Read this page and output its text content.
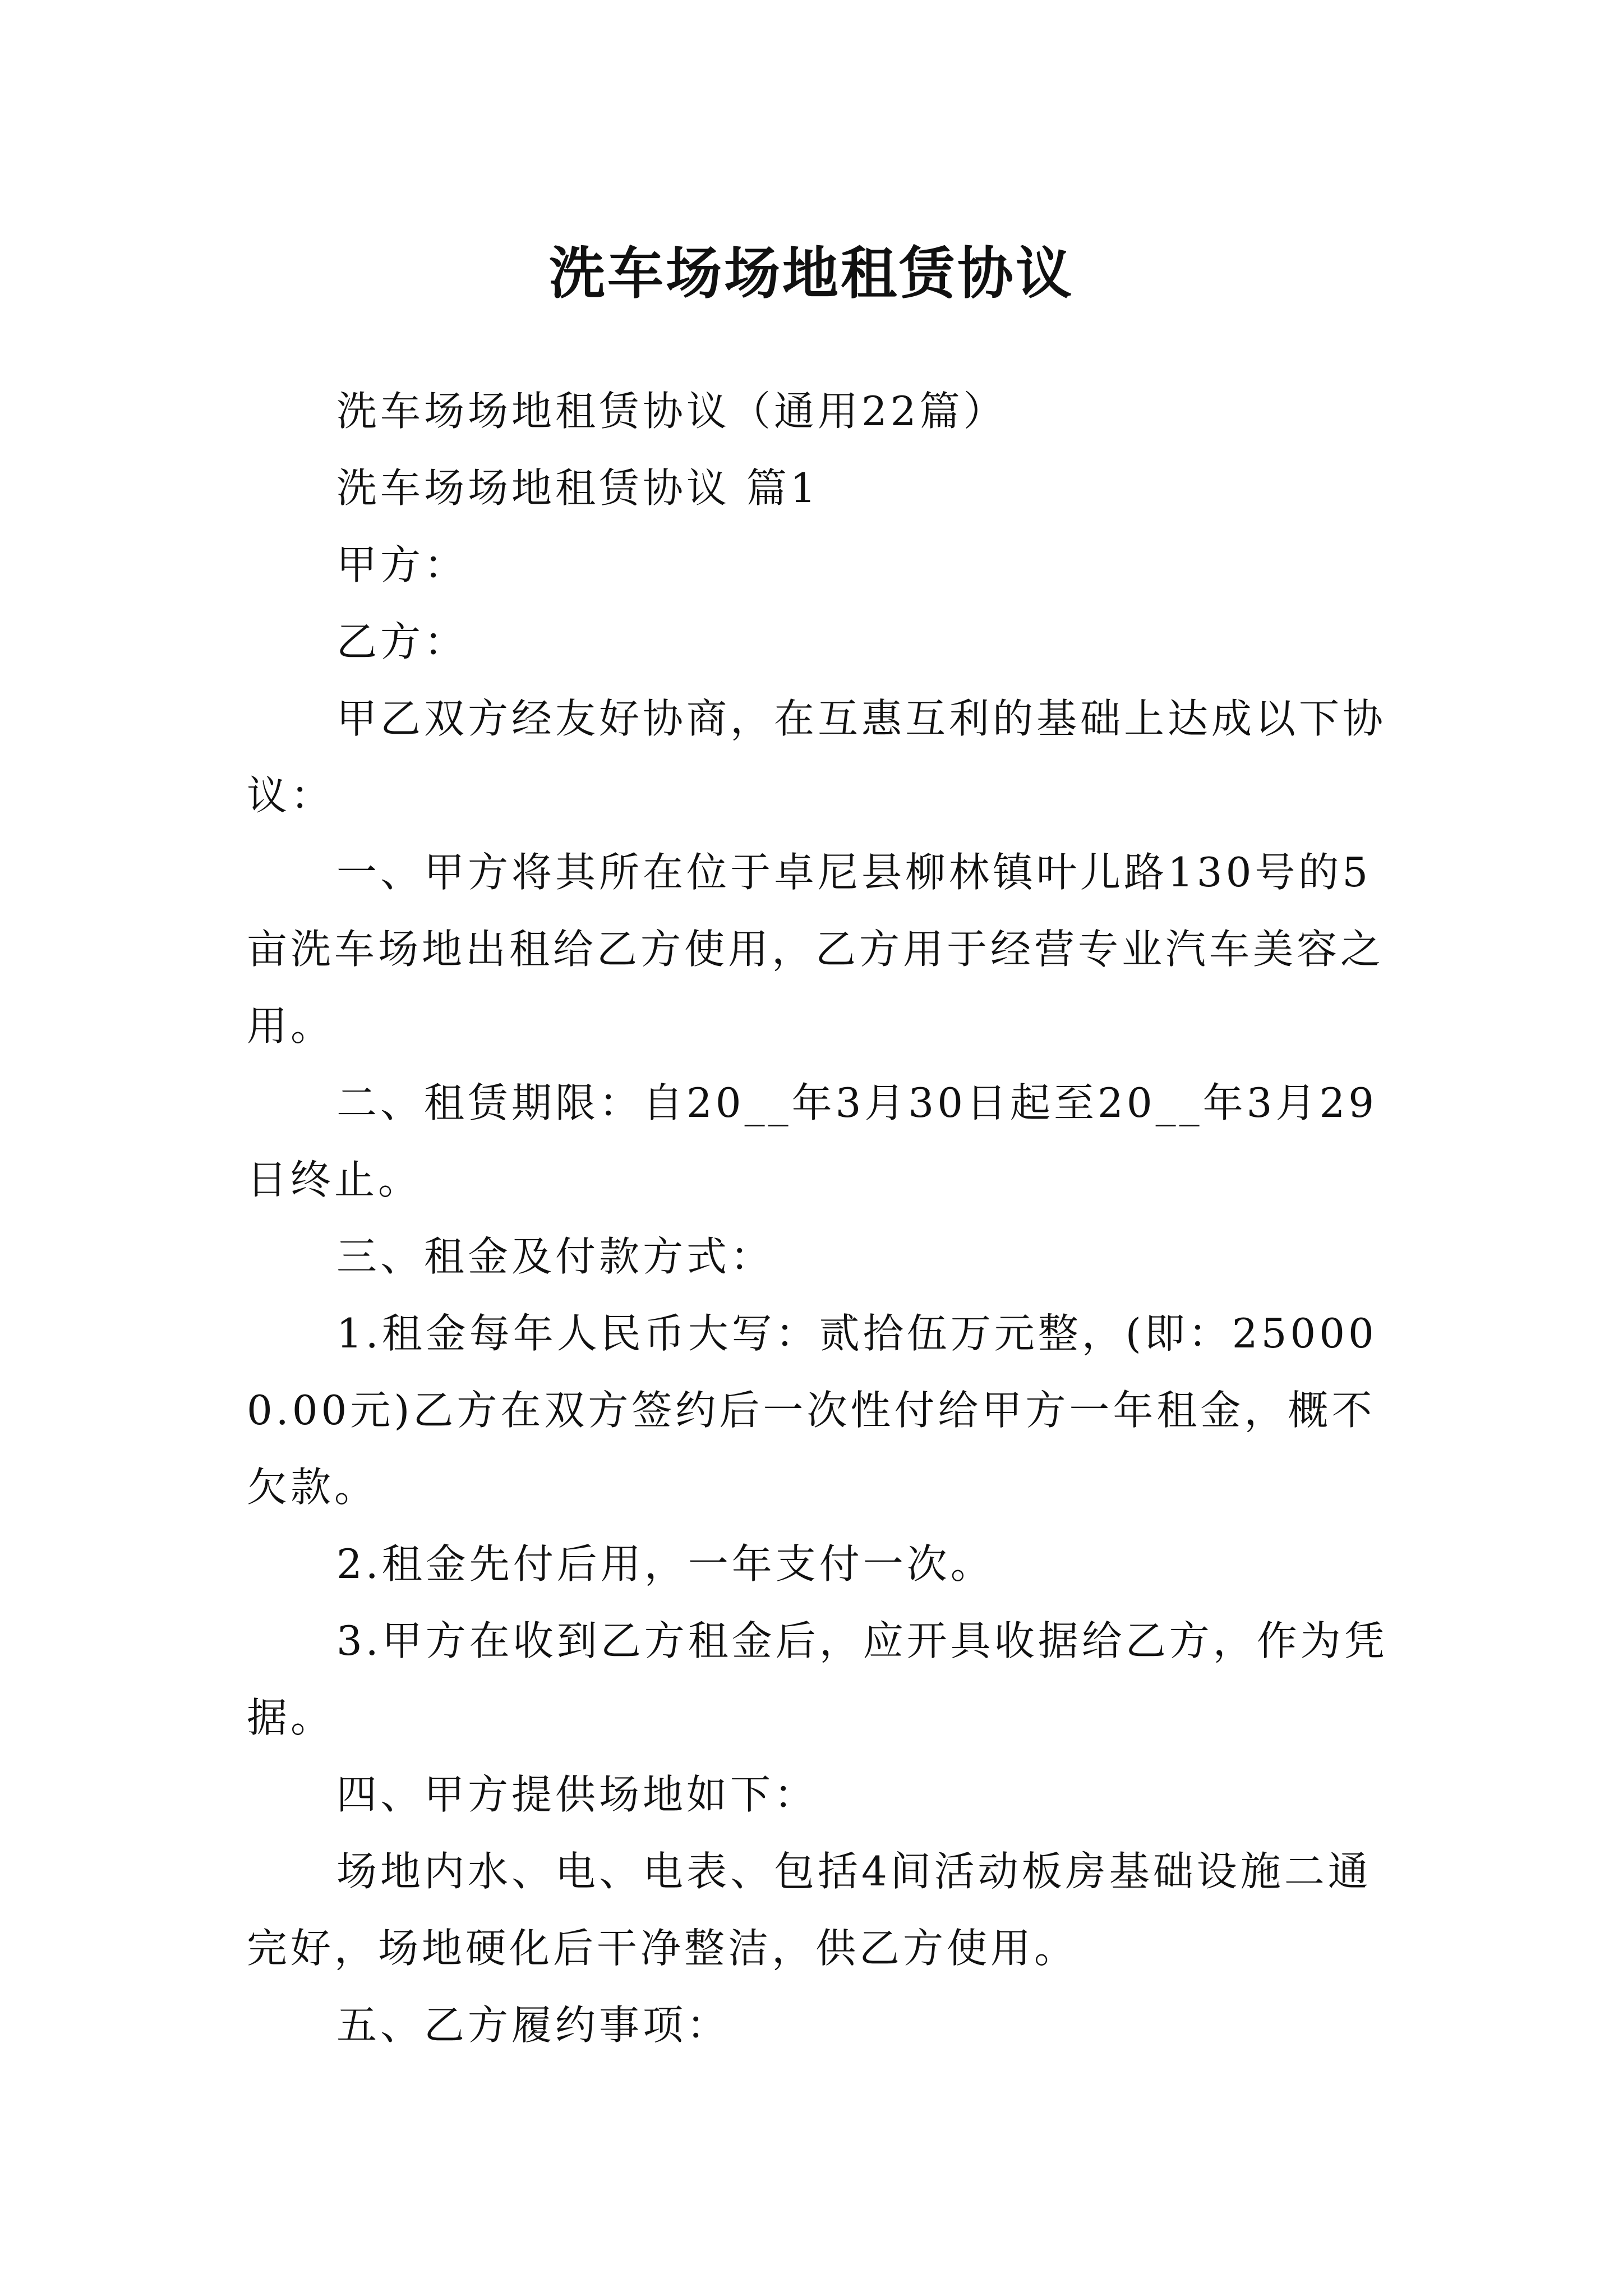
洗车场场地租赁协议

洗车场场地租赁协议（通用22篇）

洗车场场地租赁协议 篇1

甲方：

乙方：

甲乙双方经友好协商，在互惠互利的基础上达成以下协议：

一、甲方将其所在位于卓尼县柳林镇叶儿路130号的5亩洗车场地出租给乙方使用，乙方用于经营专业汽车美容之用。

二、租赁期限：自20__年3月30日起至20__年3月29日终止。

三、租金及付款方式：

1.租金每年人民币大写：贰拾伍万元整，(即：250000.00元)乙方在双方签约后一次性付给甲方一年租金，概不欠款。

2.租金先付后用，一年支付一次。

3.甲方在收到乙方租金后，应开具收据给乙方，作为凭据。

四、甲方提供场地如下：

场地内水、电、电表、包括4间活动板房基础设施二通完好，场地硬化后干净整洁，供乙方使用。

五、乙方履约事项：
